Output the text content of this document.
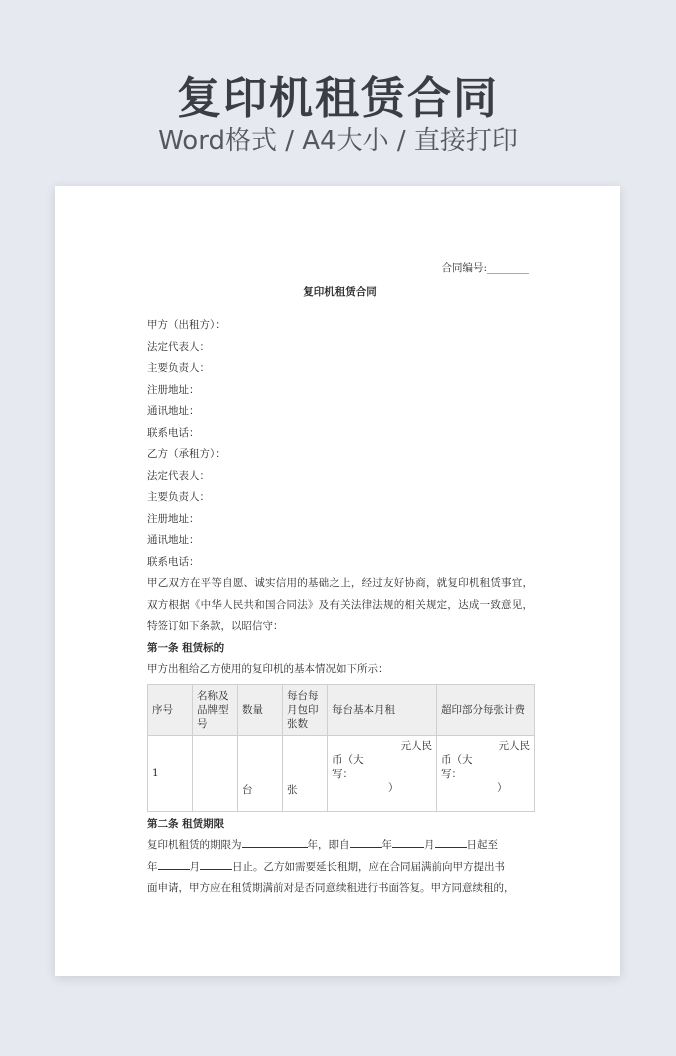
复印机租赁合同
Word格式 / A4大小 / 直接打印
合同编号:________
复印机租赁合同
甲方（出租方）：
法定代表人：
主要负责人：
注册地址：
通讯地址：
联系电话：
乙方（承租方）：
法定代表人：
主要负责人：
注册地址：
通讯地址：
联系电话：
甲乙双方在平等自愿、诚实信用的基础之上，经过友好协商，就复印机租赁事宜，双方根据《中华人民共和国合同法》及有关法律法规的相关规定，达成一致意见，特签订如下条款，以昭信守：
第一条 租赁标的
甲方出租给乙方使用的复印机的基本情况如下所示：
序号	名称及品牌型号	数量	每台每月包印张数	每台基本月租	超印部分每张计费
1		台	张	元人民
币（大
写：
）	元人民
币（大
写：
）
第二条 租赁期限
复印机租赁的期限为	年，即自	年	月	日起至
年	月	日止。乙方如需要延长租期，应在合同届满前向甲方提出书
面申请，甲方应在租赁期满前对是否同意续租进行书面答复。甲方同意续租的，
